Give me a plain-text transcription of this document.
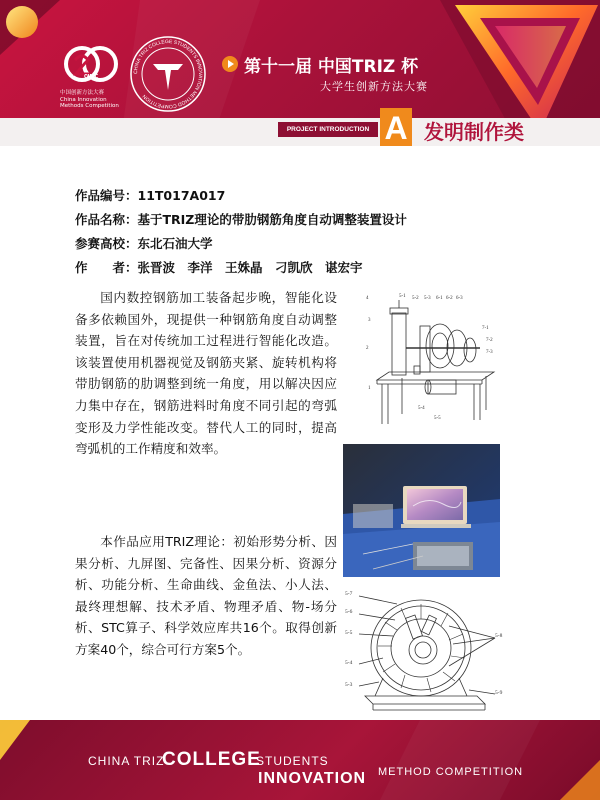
CIMC
中国创新方法大赛
China Innovation
Methods Competition
CHINA TRIZ COLLEGE STUDENTS INNOVATION METHOD COMPETITION
第十一届 中国TRIZ 杯
大学生创新方法大赛
PROJECT INTRODUCTION A 发明制作类
作品编号：11T017A017
作品名称：基于TRIZ理论的带肋钢筋角度自动调整装置设计
参赛高校：东北石油大学
作　　者：张晋波　李洋　王姝晶　刁凯欣　谌宏宇
国内数控钢筋加工装备起步晚，智能化设备多依赖国外，现提供一种钢筋角度自动调整装置，旨在对传统加工过程进行智能化改造。该装置使用机器视觉及钢筋夹紧、旋转机构将带肋钢筋的肋调整到统一角度，用以解决因应力集中存在，钢筋进料时角度不同引起的弯弧变形及力学性能改变。替代人工的同时，提高弯弧机的工作精度和效率。
本作品应用TRIZ理论：初始形势分析、因果分析、九屏图、完备性、因果分析、资源分析、功能分析、生命曲线、金鱼法、小人法、最终理想解、技术矛盾、物理矛盾、物-场分析、STC算子、科学效应库共16个。取得创新方案40个，综合可行方案5个。
4	5-1 5-2 5-3 6-1 6-2 6-3
3
7-1
7-2
7-3
2
1
5-4
5-5
5-7
5-6
5-5
5-4
5-3
5-8
5-9
CHINA TRIZ
COLLEGE
STUDENTS
INNOVATION METHOD COMPETITION
